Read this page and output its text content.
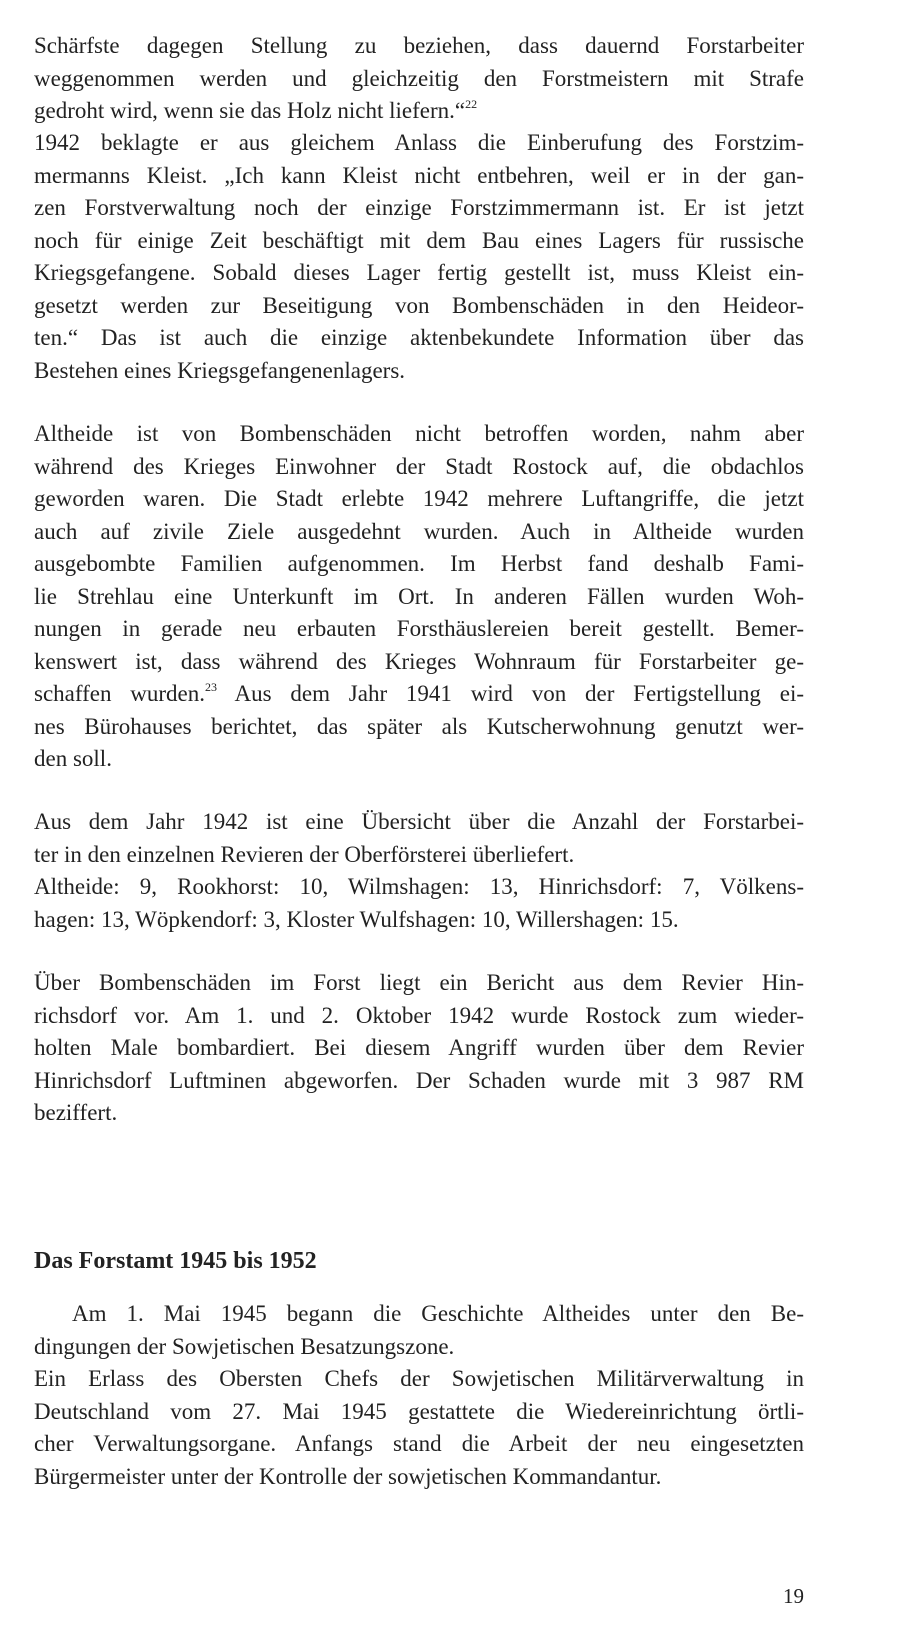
Schärfste dagegen Stellung zu beziehen, dass dauernd Forstarbeiter
weggenommen werden und gleichzeitig den Forstmeistern mit Strafe
gedroht wird, wenn sie das Holz nicht liefern.“$^{22}$

1942 beklagte er aus gleichem Anlass die Einberufung des Forstzim-
mermanns Kleist. „Ich kann Kleist nicht entbehren, weil er in der gan-
zen Forstverwaltung noch der einzige Forstzimmermann ist. Er ist jetzt
noch für einige Zeit beschäftigt mit dem Bau eines Lagers für russische
Kriegsgefangene. Sobald dieses Lager fertig gestellt ist, muss Kleist ein-
gesetzt werden zur Beseitigung von Bombenschäden in den Heideor-
ten.“ Das ist auch die einzige aktenbekundete Information über das
Bestehen eines Kriegsgefangenenlagers.

Altheide ist von Bombenschäden nicht betroffen worden, nahm aber
während des Krieges Einwohner der Stadt Rostock auf, die obdachlos
geworden waren. Die Stadt erlebte 1942 mehrere Luftangriffe, die jetzt
auch auf zivile Ziele ausgedehnt wurden. Auch in Altheide wurden
ausgebombte Familien aufgenommen. Im Herbst fand deshalb Fami-
lie Strehlau eine Unterkunft im Ort. In anderen Fällen wurden Woh-
nungen in gerade neu erbauten Forsthäuslereien bereit gestellt. Bemer-
kenswert ist, dass während des Krieges Wohnraum für Forstarbeiter ge-
schaffen wurden.$^{23}$ Aus dem Jahr 1941 wird von der Fertigstellung ei-
nes Bürohauses berichtet, das später als Kutscherwohnung genutzt wer-
den soll.

Aus dem Jahr 1942 ist eine Übersicht über die Anzahl der Forstarbei-
ter in den einzelnen Revieren der Oberförsterei überliefert.

Altheide: 9, Rookhorst: 10, Wilmshagen: 13, Hinrichsdorf: 7, Völkens-
hagen: 13, Wöpkendorf: 3, Kloster Wulfshagen: 10, Willershagen: 15.

Über Bombenschäden im Forst liegt ein Bericht aus dem Revier Hin-
richsdorf vor. Am 1. und 2. Oktober 1942 wurde Rostock zum wieder-
holten Male bombardiert. Bei diesem Angriff wurden über dem Revier
Hinrichsdorf Luftminen abgeworfen. Der Schaden wurde mit 3 987 RM
beziffert.

Das Forstamt 1945 bis 1952

Am 1. Mai 1945 begann die Geschichte Altheides unter den Be-
dingungen der Sowjetischen Besatzungszone.

Ein Erlass des Obersten Chefs der Sowjetischen Militärverwaltung in
Deutschland vom 27. Mai 1945 gestattete die Wiedereinrichtung örtli-
cher Verwaltungsorgane. Anfangs stand die Arbeit der neu eingesetzten
Bürgermeister unter der Kontrolle der sowjetischen Kommandantur.

19
